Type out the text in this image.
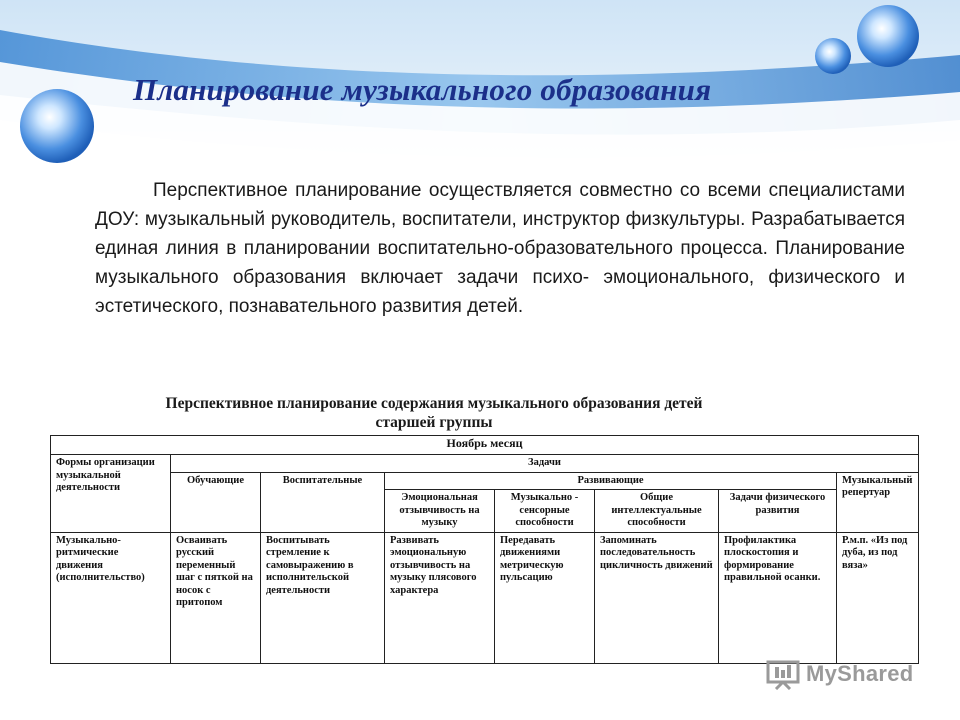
Планирование музыкального образования

Перспективное планирование осуществляется совместно со всеми специалистами ДОУ: музыкальный руководитель, воспитатели, инструктор физкультуры. Разрабатывается единая линия в планировании воспитательно-образовательного процесса. Планирование музыкального образования включает задачи психо- эмоционального, физического и эстетического, познавательного развития детей.

Перспективное планирование содержания музыкального образования детей
старшей группы
Ноябрь месяц							
Формы организации музыкальной деятельности	Задачи						
	Обучающие	Воспитательные	Развивающие				Музыкальный репертуар
			Эмоциональная отзывчивость на музыку	Музыкально - сенсорные способности	Общие интеллектуальные способности	Задачи физического развития	
Музыкально-ритмические движения (исполнительство)	Осваивать русский переменный шаг с пяткой на носок с притопом	Воспитывать стремление к самовыражению в исполнительской деятельности	Развивать эмоциональную отзывчивость на музыку плясового характера	Передавать движениями метрическую пульсацию	Запоминать последовательность цикличность движений	Профилактика плоскостопия и формирование правильной осанки.	Р.м.п. «Из под дуба, из под вяза»
MyShared
